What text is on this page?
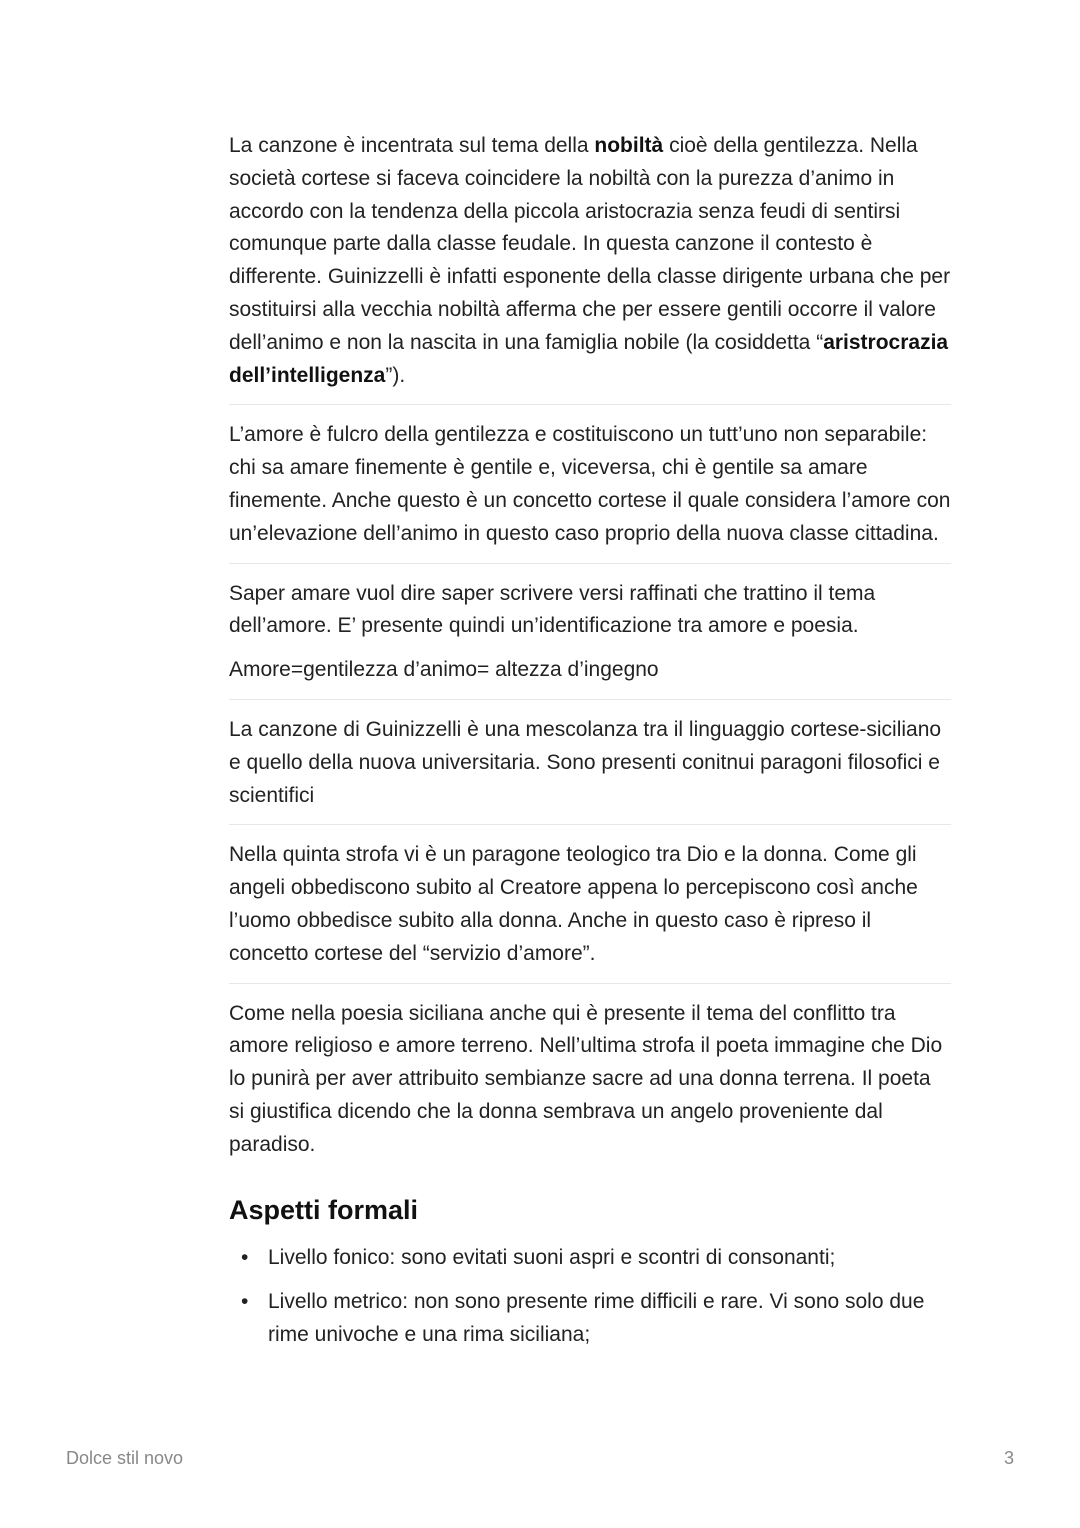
La canzone è incentrata sul tema della nobiltà cioè della gentilezza. Nella società cortese si faceva coincidere la nobiltà con la purezza d’animo in accordo con la tendenza della piccola aristocrazia senza feudi di sentirsi comunque parte dalla classe feudale. In questa canzone il contesto è differente. Guinizzelli è infatti esponente della classe dirigente urbana che per sostituirsi alla vecchia nobiltà afferma che per essere gentili occorre il valore dell’animo e non la nascita in una famiglia nobile (la cosiddetta “aristrocrazia dell’intelligenza”).

L’amore è fulcro della gentilezza e costituiscono un tutt’uno non separabile: chi sa amare finemente è gentile e, viceversa, chi è gentile sa amare finemente. Anche questo è un concetto cortese il quale considera l’amore con un’elevazione dell’animo in questo caso proprio della nuova classe cittadina.

Saper amare vuol dire saper scrivere versi raffinati che trattino il tema dell’amore. E’ presente quindi un’identificazione tra amore e poesia.

Amore=gentilezza d’animo= altezza d’ingegno

La canzone di Guinizzelli è una mescolanza tra il linguaggio cortese-siciliano e quello della nuova universitaria. Sono presenti conitnui paragoni filosofici e scientifici

Nella quinta strofa vi è un paragone teologico tra Dio e la donna. Come gli angeli obbediscono subito al Creatore appena lo percepiscono così anche l’uomo obbedisce subito alla donna. Anche in questo caso è ripreso il concetto cortese del “servizio d’amore”.

Come nella poesia siciliana anche qui è presente il tema del conflitto tra amore religioso e amore terreno. Nell’ultima strofa il poeta immagine che Dio lo punirà per aver attribuito sembianze sacre ad una donna terrena. Il poeta si giustifica dicendo che la donna sembrava un angelo proveniente dal paradiso.

Aspetti formali
• Livello fonico: sono evitati suoni aspri e scontri di consonanti;
• Livello metrico: non sono presente rime difficili e rare. Vi sono solo due rime univoche e una rima siciliana;
Dolce stil novo	3
